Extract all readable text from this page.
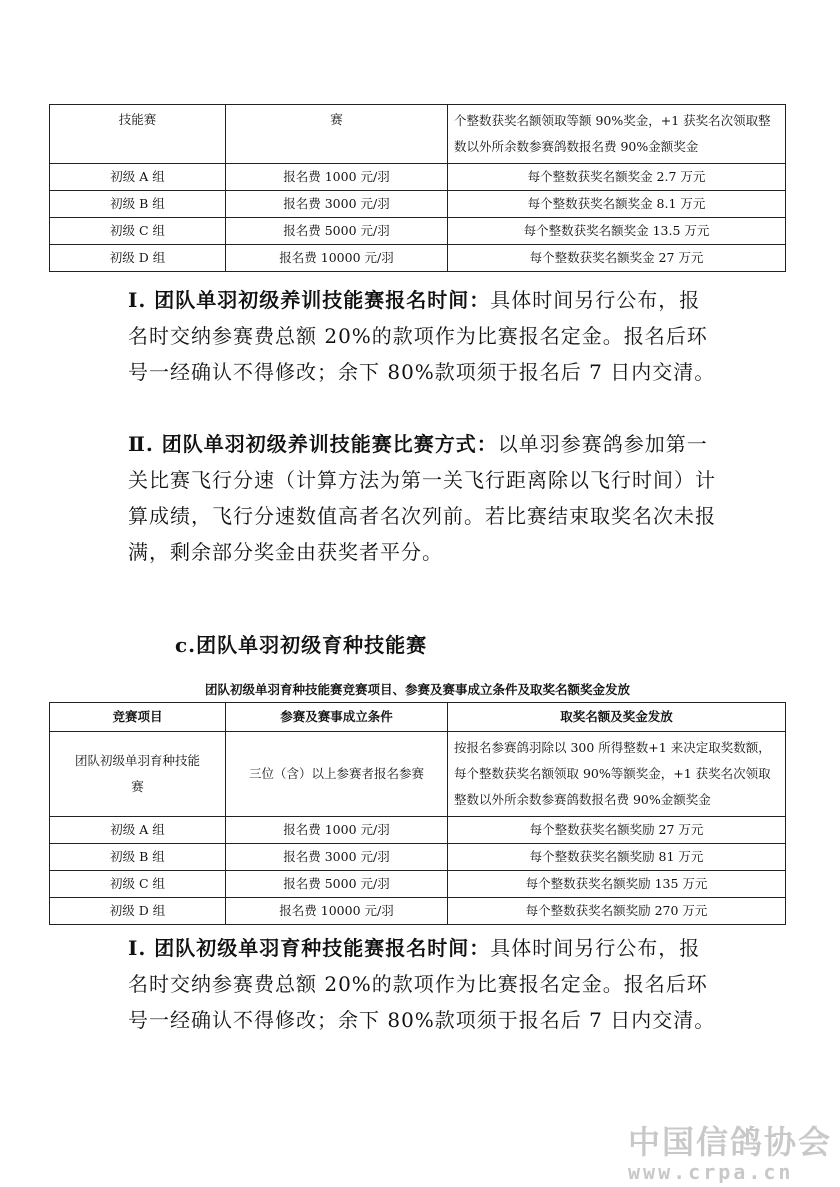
技能赛	赛	个整数获奖名额领取等额 90%奖金，+1 获奖名次领取整数以外所余数参赛鸽数报名费 90%金额奖金
初级 A 组	报名费 1000 元/羽	每个整数获奖名额奖金 2.7 万元
初级 B 组	报名费 3000 元/羽	每个整数获奖名额奖金 8.1 万元
初级 C 组	报名费 5000 元/羽	每个整数获奖名额奖金 13.5 万元
初级 D 组	报名费 10000 元/羽	每个整数获奖名额奖金 27 万元

Ⅰ. 团队单羽初级养训技能赛报名时间：具体时间另行公布，报名时交纳参赛费总额 20%的款项作为比赛报名定金。报名后环号一经确认不得修改；余下 80%款项须于报名后 7 日内交清。

Ⅱ. 团队单羽初级养训技能赛比赛方式：以单羽参赛鸽参加第一关比赛飞行分速（计算方法为第一关飞行距离除以飞行时间）计算成绩，飞行分速数值高者名次列前。若比赛结束取奖名次未报满，剩余部分奖金由获奖者平分。

c.团队单羽初级育种技能赛
团队初级单羽育种技能赛竞赛项目、参赛及赛事成立条件及取奖名额奖金发放
竞赛项目	参赛及赛事成立条件	取奖名额及奖金发放
团队初级单羽育种技能赛	三位（含）以上参赛者报名参赛	按报名参赛鸽羽除以 300 所得整数+1 来决定取奖数额，每个整数获奖名额领取 90%等额奖金，+1 获奖名次领取整数以外所余数参赛鸽数报名费 90%金额奖金
初级 A 组	报名费 1000 元/羽	每个整数获奖名额奖励 27 万元
初级 B 组	报名费 3000 元/羽	每个整数获奖名额奖励 81 万元
初级 C 组	报名费 5000 元/羽	每个整数获奖名额奖励 135 万元
初级 D 组	报名费 10000 元/羽	每个整数获奖名额奖励 270 万元

Ⅰ. 团队初级单羽育种技能赛报名时间：具体时间另行公布，报名时交纳参赛费总额 20%的款项作为比赛报名定金。报名后环号一经确认不得修改；余下 80%款项须于报名后 7 日内交清。

中国信鸽协会
www.crpa.cn
